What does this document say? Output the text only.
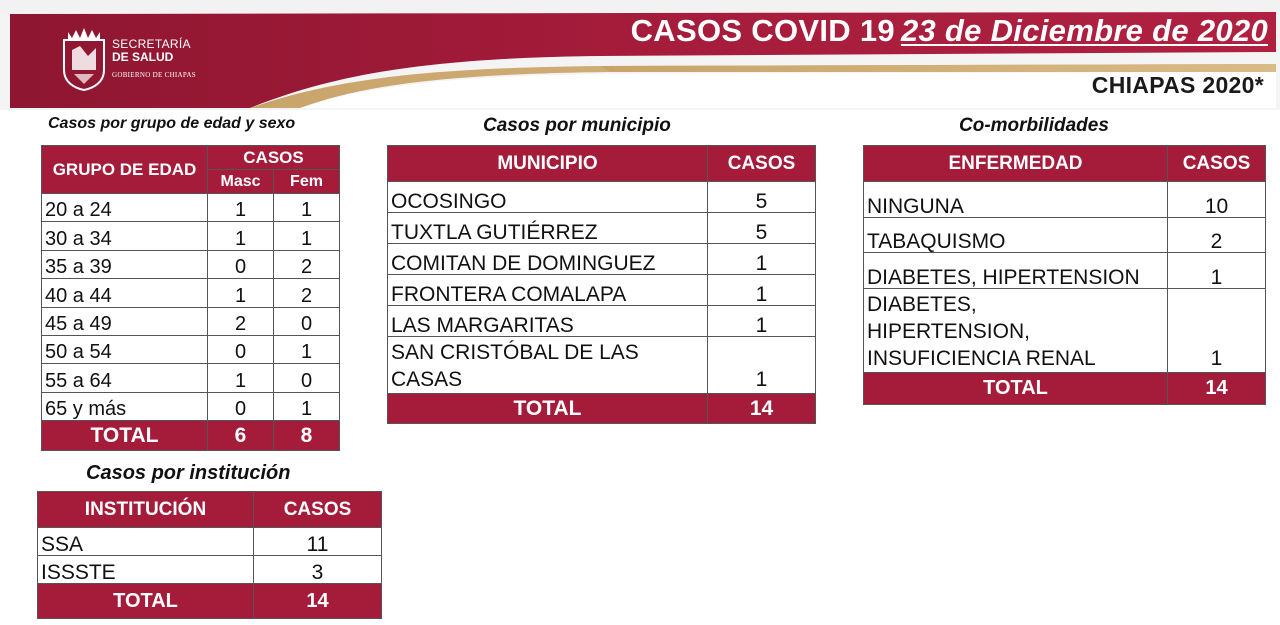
SECRETARÍA
DE SALUD
GOBIERNO DE CHIAPAS
CASOS COVID 19 23 de Diciembre de 2020
CHIAPAS 2020*
Casos por grupo de edad y sexo
GRUPO DE EDAD	CASOS	
	Masc	Fem
20 a 24	1	1
30 a 34	1	1
35 a 39	0	2
40 a 44	1	2
45 a 49	2	0
50 a 54	0	1
55 a 64	1	0
65 y más	0	1
TOTAL	6	8
Casos por institución
INSTITUCIÓN	CASOS
SSA	11
ISSSTE	3
TOTAL	14
Casos por municipio
MUNICIPIO	CASOS
OCOSINGO	5
TUXTLA GUTIÉRREZ	5
COMITAN DE DOMINGUEZ	1
FRONTERA COMALAPA	1
LAS MARGARITAS	1
SAN CRISTÓBAL DE LAS CASAS	1
TOTAL	14
Co-morbilidades
ENFERMEDAD	CASOS
NINGUNA	10
TABAQUISMO	2
DIABETES, HIPERTENSION	1
DIABETES, HIPERTENSION, INSUFICIENCIA RENAL	1
TOTAL	14
